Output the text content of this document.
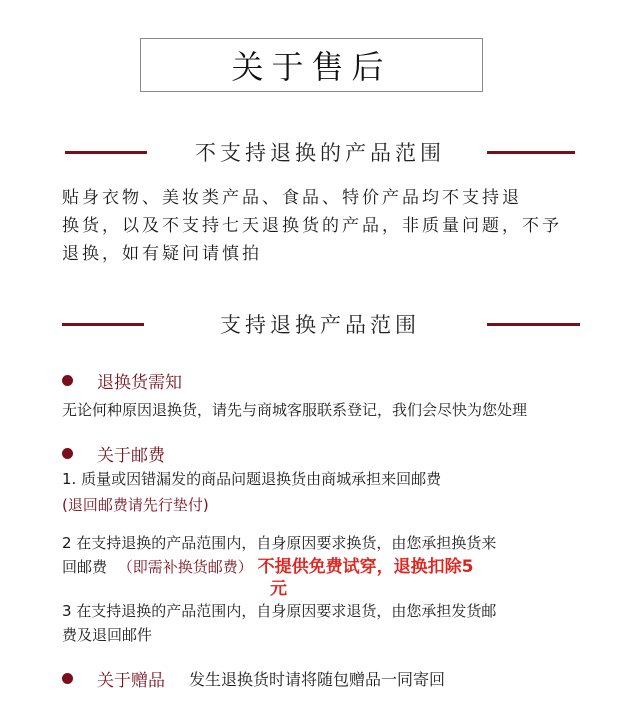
关于售后
不支持退换的产品范围
贴身衣物、美妆类产品、食品、特价产品均不支持退
换货，以及不支持七天退换货的产品，非质量问题，不予
退换，如有疑问请慎拍
支持退换产品范围
退换货需知
无论何种原因退换货，请先与商城客服联系登记，我们会尽快为您处理
关于邮费
1. 质量或因错漏发的商品问题退换货由商城承担来回邮费
(退回邮费请先行垫付)
2 在支持退换的产品范围内，自身原因要求换货，由您承担换货来
回邮费 （即需补换货邮费） 不提供免费试穿，退换扣除5
元
3 在支持退换的产品范围内，自身原因要求退货，由您承担发货邮
费及退回邮件
关于赠品 发生退换货时请将随包赠品一同寄回
